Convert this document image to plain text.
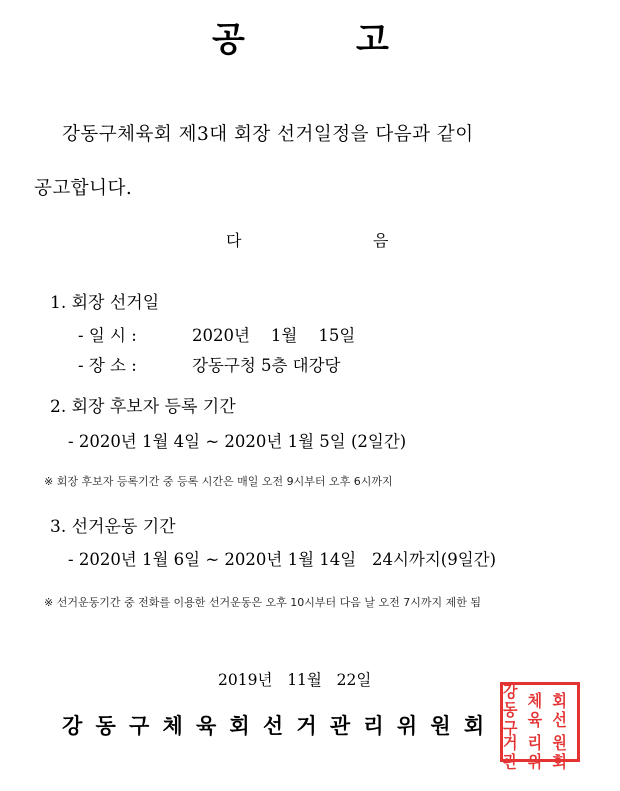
공	고
강동구체육회 제3대 회장 선거일정을 다음과 같이
공고합니다.
다	음
1. 회장 선거일
- 일 시 :	2020년    1월    15일
- 장 소 :	강동구청 5층 대강당
2. 회장 후보자 등록 기간
- 2020년 1월 4일 ~ 2020년 1월 5일 (2일간)
※ 회장 후보자 등록기간 중 등록 시간은 매일 오전 9시부터 오후 6시까지
3. 선거운동 기간
- 2020년 1월 6일 ~ 2020년 1월 14일   24시까지(9일간)
※ 선거운동기간 중 전화를 이용한 선거운동은 오후 10시부터 다음 날 오전 7시까지 제한 됨
2019년   11월   22일
강동구체육회선거관리위원회
강동구
체육
회선
거관
리위
원회
